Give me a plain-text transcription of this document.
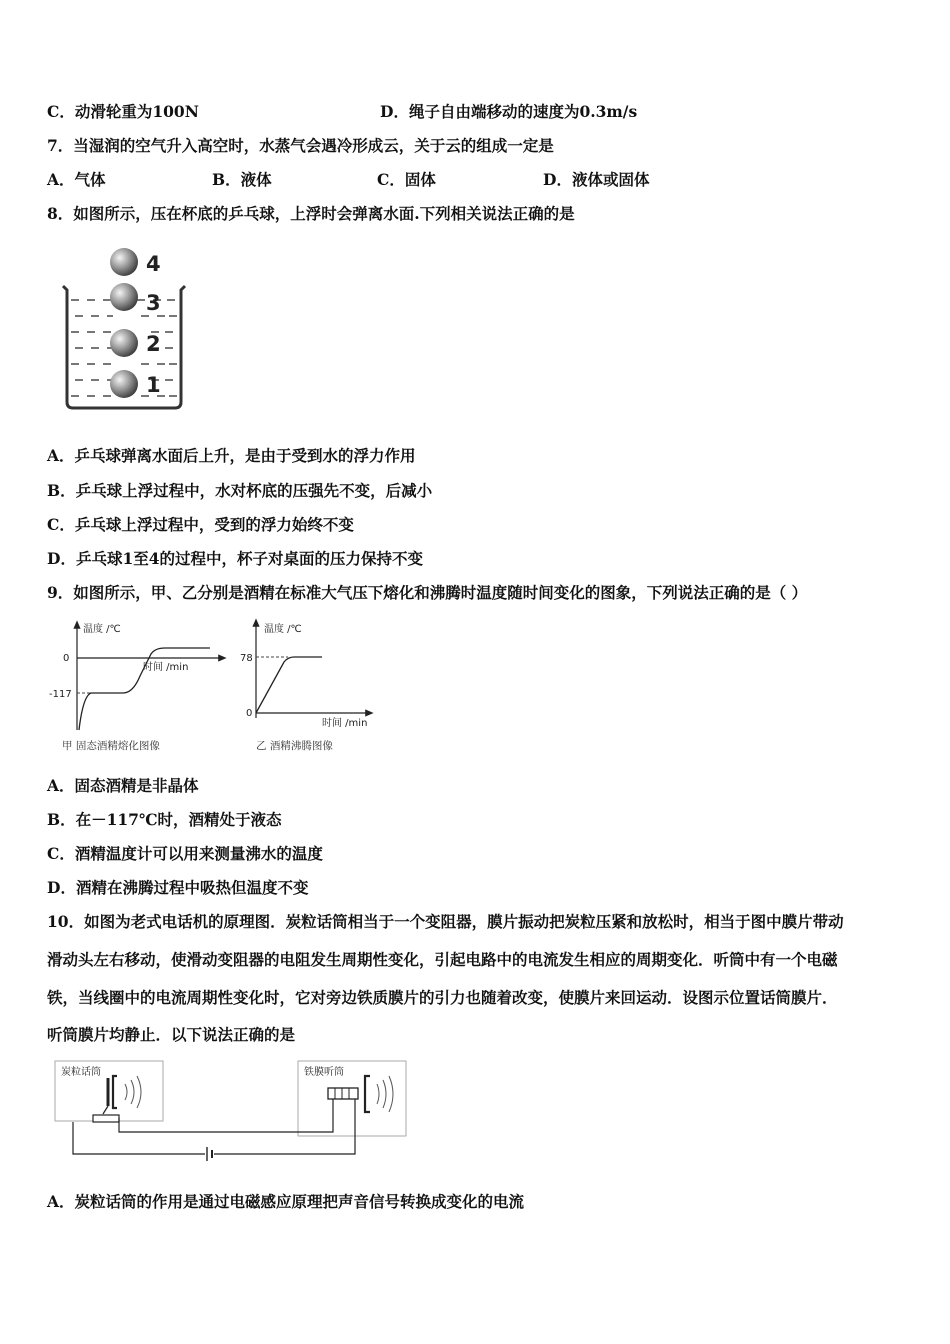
C．动滑轮重为100N	D．绳子自由端移动的速度为0.3m/s
7．当湿润的空气升入高空时，水蒸气会遇冷形成云，关于云的组成一定是
A．气体	B．液体	C．固体	D．液体或固体
8．如图所示，压在杯底的乒乓球，上浮时会弹离水面.下列相关说法正确的是
4
3
2
1
A．乒乓球弹离水面后上升，是由于受到水的浮力作用
B．乒乓球上浮过程中，水对杯底的压强先不变，后减小
C．乒乓球上浮过程中，受到的浮力始终不变
D．乒乓球1至4的过程中，杯子对桌面的压力保持不变
9．如图所示，甲、乙分别是酒精在标准大气压下熔化和沸腾时温度随时间变化的图象，下列说法正确的是（ ）
温度 /℃
时间 /min
0
-117
甲 固态酒精熔化图像
温度 /℃
时间 /min
78
0
乙 酒精沸腾图像
A．固态酒精是非晶体
B．在－117℃时，酒精处于液态
C．酒精温度计可以用来测量沸水的温度
D．酒精在沸腾过程中吸热但温度不变
10．如图为老式电话机的原理图．炭粒话筒相当于一个变阻器，膜片振动把炭粒压紧和放松时，相当于图中膜片带动
滑动头左右移动，使滑动变阻器的电阻发生周期性变化，引起电路中的电流发生相应的周期变化．听筒中有一个电磁
铁，当线圈中的电流周期性变化时，它对旁边铁质膜片的引力也随着改变，使膜片来回运动．设图示位置话筒膜片．
听筒膜片均静止．以下说法正确的是
炭粒话筒	铁膜听筒
A．炭粒话筒的作用是通过电磁感应原理把声音信号转换成变化的电流
